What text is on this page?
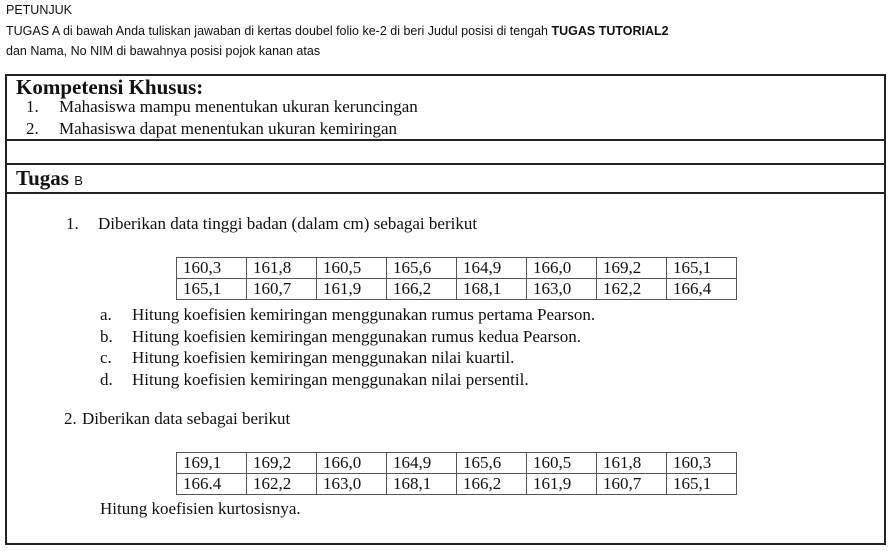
PETUNJUK
TUGAS A di bawah Anda tuliskan jawaban di kertas doubel folio ke-2 di beri Judul posisi di tengah TUGAS TUTORIAL2
dan Nama, No NIM di bawahnya posisi pojok kanan atas
Kompetensi Khusus:
1. Mahasiswa mampu menentukan ukuran keruncingan
2. Mahasiswa dapat menentukan ukuran kemiringan
Tugas B
1. Diberikan data tinggi badan (dalam cm) sebagai berikut
160,3	161,8	160,5	165,6	164,9	166,0	169,2	165,1
165,1	160,7	161,9	166,2	168,1	163,0	162,2	166,4
a. Hitung koefisien kemiringan menggunakan rumus pertama Pearson.
b. Hitung koefisien kemiringan menggunakan rumus kedua Pearson.
c. Hitung koefisien kemiringan menggunakan nilai kuartil.
d. Hitung koefisien kemiringan menggunakan nilai persentil.
2. Diberikan data sebagai berikut
169,1	169,2	166,0	164,9	165,6	160,5	161,8	160,3
166.4	162,2	163,0	168,1	166,2	161,9	160,7	165,1
Hitung koefisien kurtosisnya.
